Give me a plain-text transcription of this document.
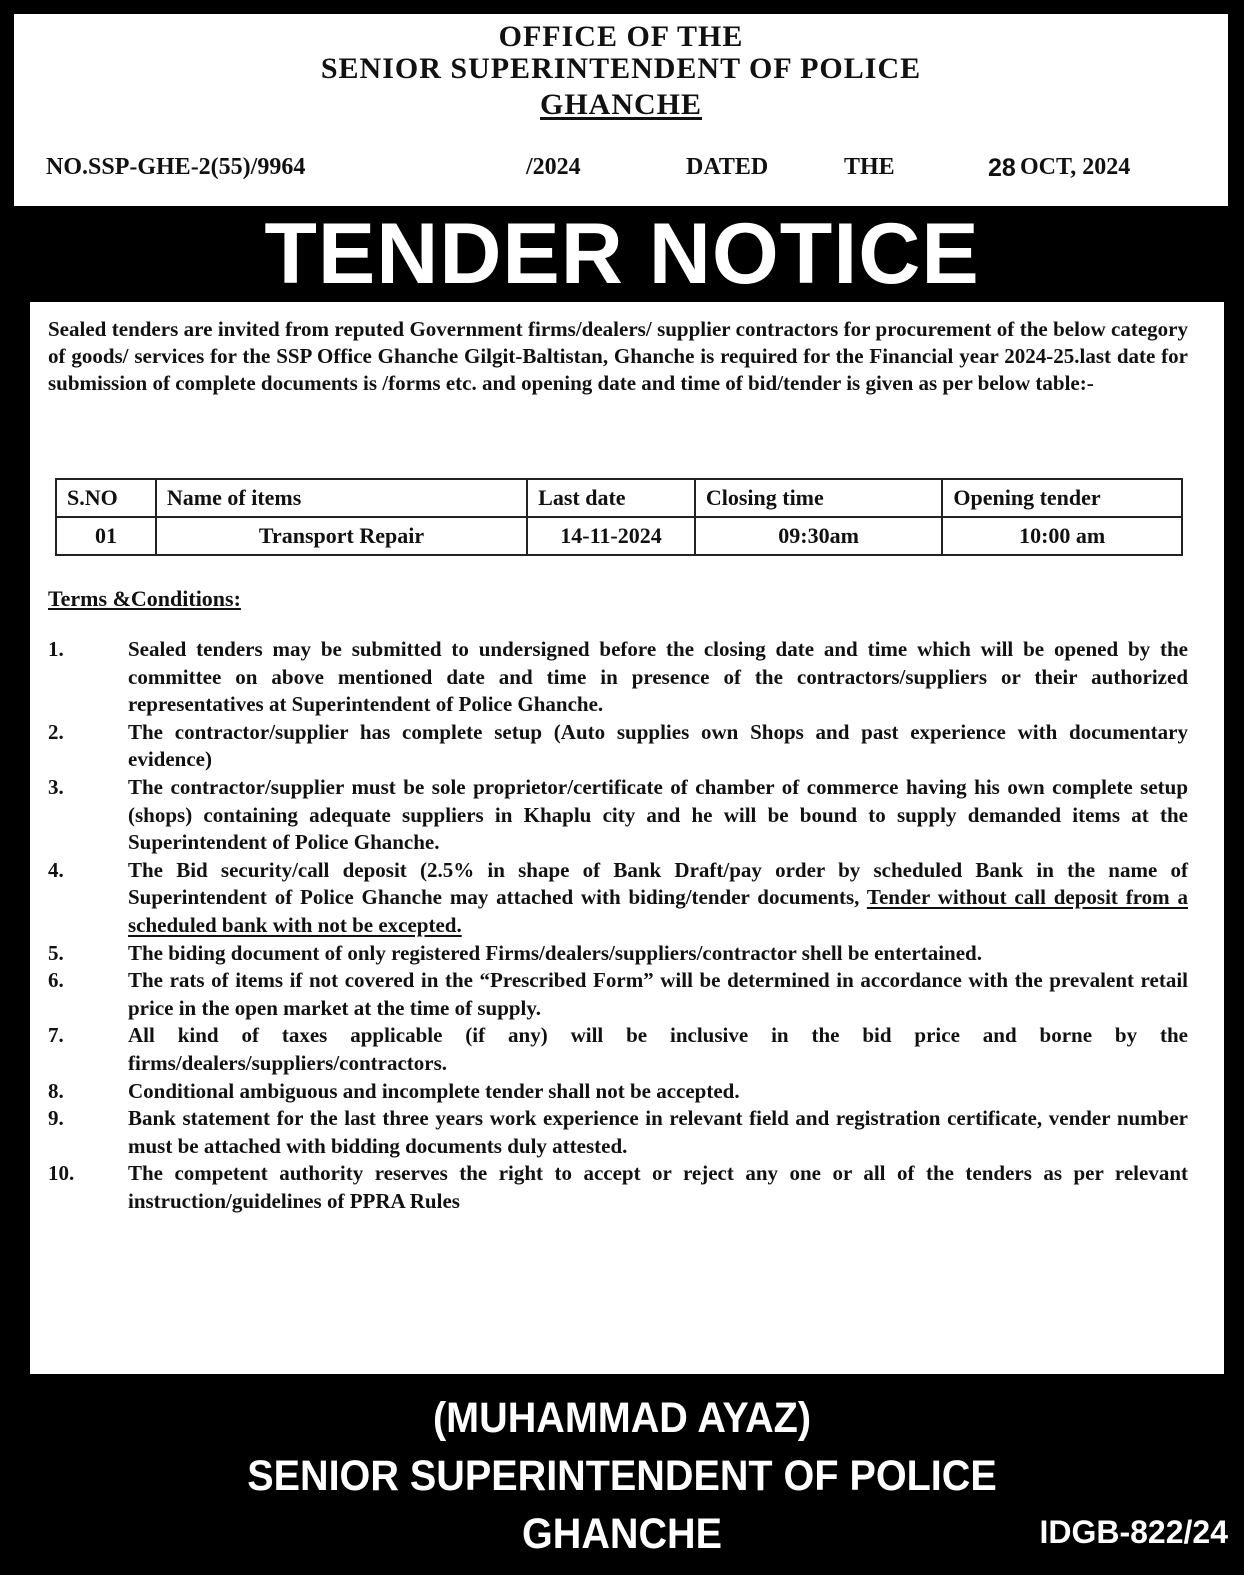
OFFICE OF THE
SENIOR SUPERINTENDENT OF POLICE
GHANCHE
NO.SSP-GHE-2(55)/9964	/2024	DATED	THE	28 OCT, 2024
TENDER NOTICE
Sealed tenders are invited from reputed Government firms/dealers/ supplier contractors for procurement of the below category of goods/ services for the SSP Office Ghanche Gilgit-Baltistan, Ghanche is required for the Financial year 2024-25.last date for submission of complete documents is /forms etc. and opening date and time of bid/tender is given as per below table:-
S.NO	Name of items	Last date	Closing time	Opening tender
01	Transport Repair	14-11-2024	09:30am	10:00 am
Terms &Conditions:
1.	Sealed tenders may be submitted to undersigned before the closing date and time which will be opened by the committee on above mentioned date and time in presence of the contractors/suppliers or their authorized representatives at Superintendent of Police Ghanche.
2.	The contractor/supplier has complete setup (Auto supplies own Shops and past experience with documentary evidence)
3.	The contractor/supplier must be sole proprietor/certificate of chamber of commerce having his own complete setup (shops) containing adequate suppliers in Khaplu city and he will be bound to supply demanded items at the Superintendent of Police Ghanche.
4.	The Bid security/call deposit (2.5% in shape of Bank Draft/pay order by scheduled Bank in the name of Superintendent of Police Ghanche may attached with biding/tender documents, Tender without call deposit from a scheduled bank with not be excepted.
5.	The biding document of only registered Firms/dealers/suppliers/contractor shell be entertained.
6.	The rats of items if not covered in the “Prescribed Form” will be determined in accordance with the prevalent retail price in the open market at the time of supply.
7.	All kind of taxes applicable (if any) will be inclusive in the bid price and borne by the firms/dealers/suppliers/contractors.
8.	Conditional ambiguous and incomplete tender shall not be accepted.
9.	Bank statement for the last three years work experience in relevant field and registration certificate, vender number must be attached with bidding documents duly attested.
10.	The competent authority reserves the right to accept or reject any one or all of the tenders as per relevant instruction/guidelines of PPRA Rules
(MUHAMMAD AYAZ)
SENIOR SUPERINTENDENT OF POLICE
GHANCHE	IDGB-822/24
